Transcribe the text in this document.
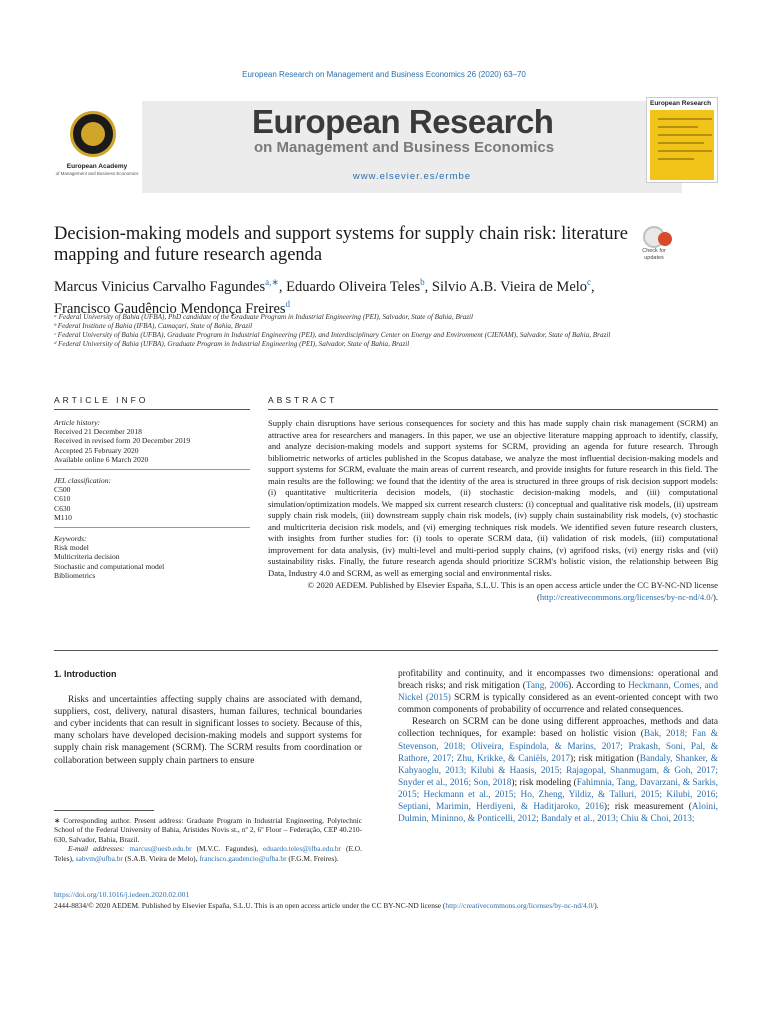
European Research on Management and Business Economics 26 (2020) 63–70
European Academy
of Management and Business Economics
European Research
on Management and Business Economics
www.elsevier.es/ermbe
European Research
Decision-making models and support systems for supply chain risk: literature mapping and future research agenda	Check for updates
Marcus Vinicius Carvalho Fagundes$^{a,∗}$, Eduardo Oliveira Teles$^b$, Silvio A.B. Vieira de Melo$^c$,
Francisco Gaudêncio Mendonça Freires$^d$
ᵃ Federal University of Bahia (UFBA), PhD candidate of the Graduate Program in Industrial Engineering (PEI), Salvador, State of Bahia, Brazil
ᵇ Federal Institute of Bahia (IFBA), Camaçari, State of Bahia, Brazil
ᶜ Federal University of Bahia (UFBA), Graduate Program in Industrial Engineering (PEI), and Interdisciplinary Center on Energy and Environment (CIENAM), Salvador, State of Bahia, Brazil
ᵈ Federal University of Bahia (UFBA), Graduate Program in Industrial Engineering (PEI), Salvador, State of Bahia, Brazil
ARTICLE INFO	ABSTRACT
Article history:
Received 21 December 2018
Received in revised form 20 December 2019
Accepted 25 February 2020
Available online 6 March 2020
JEL classification:
C500
C610
C630
M110
Keywords:
Risk model
Multicriteria decision
Stochastic and computational model
Bibliometrics

Supply chain disruptions have serious consequences for society and this has made supply chain risk management (SCRM) an attractive area for researchers and managers. In this paper, we use an objective literature mapping approach to identify, classify, and analyze decision-making models and support systems for SCRM, providing an agenda for future research. Through bibliometric networks of articles published in the Scopus database, we analyze the most influential decision-making models and support systems for SCRM, evaluate the main areas of current research, and provide insights for future research in this field. The main results are the following: we found that the identity of the area is structured in three groups of risk decision support models: (i) quantitative multicriteria decision models, (ii) stochastic decision-making models, and (iii) computational simulation/optimization models. We mapped six current research clusters: (i) conceptual and qualitative risk models, (ii) upstream supply chain risk models, (iii) downstream supply chain risk models, (iv) supply chain sustainability risk models, (v) stochastic and multicriteria decision risk models, and (vi) emerging techniques risk models. We identified seven future research clusters, with insights from further studies for: (i) tools to operate SCRM data, (ii) validation of risk models, (iii) computational improvement for data analysis, (iv) multi-level and multi-period supply chains, (v) agrifood risks, (vi) energy risks and (vii) sustainability risks. Finally, the future research agenda should prioritize SCRM's holistic vision, the relationship between Big Data, Industry 4.0 and SCRM, as well as emerging social and environmental risks.

© 2020 AEDEM. Published by Elsevier España, S.L.U. This is an open access article under the CC BY-NC-ND license (http://creativecommons.org/licenses/by-nc-nd/4.0/).

1. Introduction

Risks and uncertainties affecting supply chains are associated with demand, suppliers, cost, delivery, natural disasters, human failures, technical boundaries and cyber incidents that can result in significant losses to society. Because of this, many scholars have developed decision-making models and support systems for supply chain risk management (SCRM). The SCRM results from coordination or collaboration between supply chain partners to ensure

∗ Corresponding author. Present address: Graduate Program in Industrial Engineering, Polytechnic School of the Federal University of Bahia, Aristides Novis st., nº 2, 6º Floor – Federação, CEP 40.210-630, Salvador, Bahia, Brazil.

E-mail addresses: marcus@uesb.edu.br (M.V.C. Fagundes), eduardo.teles@ifba.edu.br (E.O. Teles), sabvm@ufba.br (S.A.B. Vieira de Melo), francisco.gaudencio@ufba.br (F.G.M. Freires).

profitability and continuity, and it encompasses two dimensions: operational and breach risks; and risk mitigation (Tang, 2006). According to Heckmann, Comes, and Nickel (2015) SCRM is typically considered as an event-oriented concept with two common components of probability of occurrence and related consequences.

Research on SCRM can be done using different approaches, methods and data collection techniques, for example: based on holistic vision (Bak, 2018; Fan & Stevenson, 2018; Oliveira, Espindola, & Marins, 2017; Prakash, Soni, Pal, & Rathore, 2017; Zhu, Krikke, & Caniëls, 2017); risk mitigation (Bandaly, Shanker, & Kahyaoglu, 2013; Kilubi & Haasis, 2015; Rajagopal, Shanmugam, & Goh, 2017; Snyder et al., 2016; Son, 2018); risk modeling (Fahimnia, Tang, Davarzani, & Sarkis, 2015; Heckmann et al., 2015; Ho, Zheng, Yildiz, & Talluri, 2015; Kilubi, 2016; Septiani, Marimin, Herdiyeni, & Haditjaroko, 2016); risk measurement (Aloini, Dulmin, Mininno, & Ponticelli, 2012; Bandaly et al., 2013; Chiu & Choi, 2013;

https://doi.org/10.1016/j.iedeen.2020.02.001
2444-8834/© 2020 AEDEM. Published by Elsevier España, S.L.U. This is an open access article under the CC BY-NC-ND license (http://creativecommons.org/licenses/by-nc-nd/4.0/).
